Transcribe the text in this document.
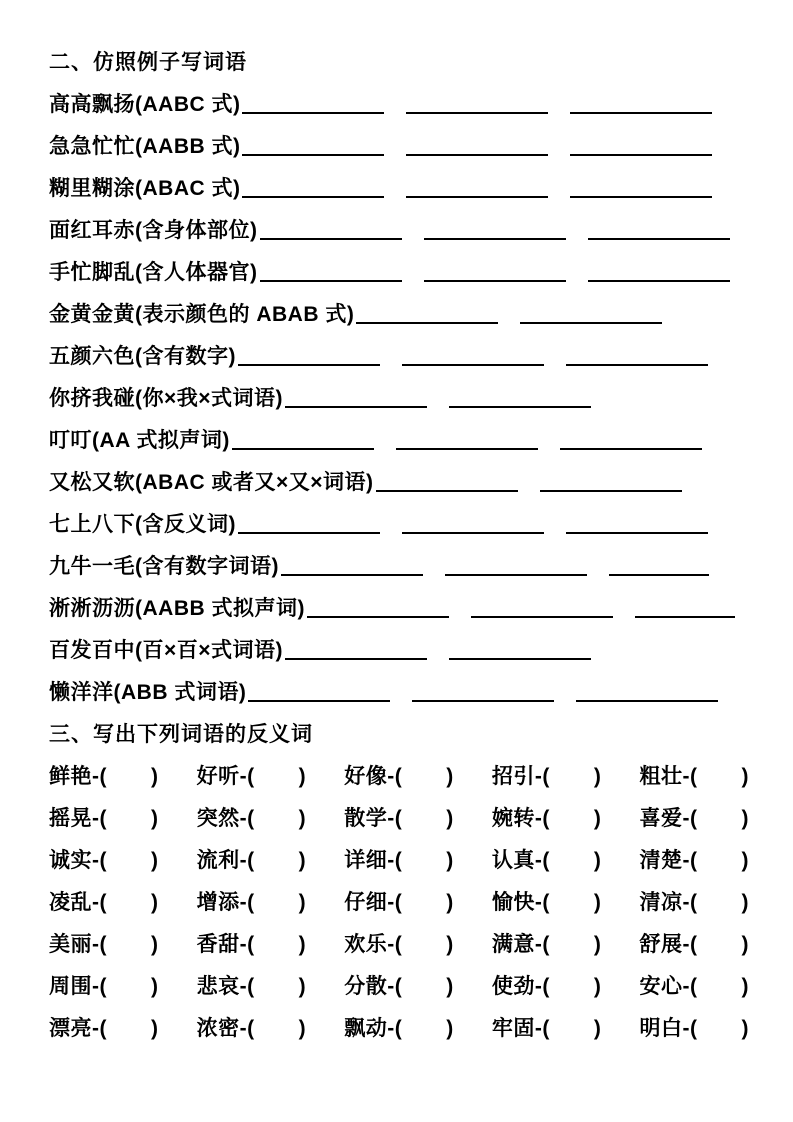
二、仿照例子写词语
高高飘扬(AABC 式)
急急忙忙(AABB 式)
糊里糊涂(ABAC 式)
面红耳赤(含身体部位)
手忙脚乱(含人体器官)
金黄金黄(表示颜色的 ABAB 式)
五颜六色(含有数字)
你挤我碰(你×我×式词语)
叮叮(AA 式拟声词)
又松又软(ABAC 或者又×又×词语)
七上八下(含反义词)
九牛一毛(含有数字词语)
淅淅沥沥(AABB 式拟声词)
百发百中(百×百×式词语)
懒洋洋(ABB 式词语)
三、写出下列词语的反义词
鲜艳-( ) 好听-( ) 好像-( ) 招引-( ) 粗壮-( )
摇晃-( ) 突然-( ) 散学-( ) 婉转-( ) 喜爱-( )
诚实-( ) 流利-( ) 详细-( ) 认真-( ) 清楚-( )
凌乱-( ) 增添-( ) 仔细-( ) 愉快-( ) 清凉-( )
美丽-( ) 香甜-( ) 欢乐-( ) 满意-( ) 舒展-( )
周围-( ) 悲哀-( ) 分散-( ) 使劲-( ) 安心-( )
漂亮-( ) 浓密-( ) 飘动-( ) 牢固-( ) 明白-( )
